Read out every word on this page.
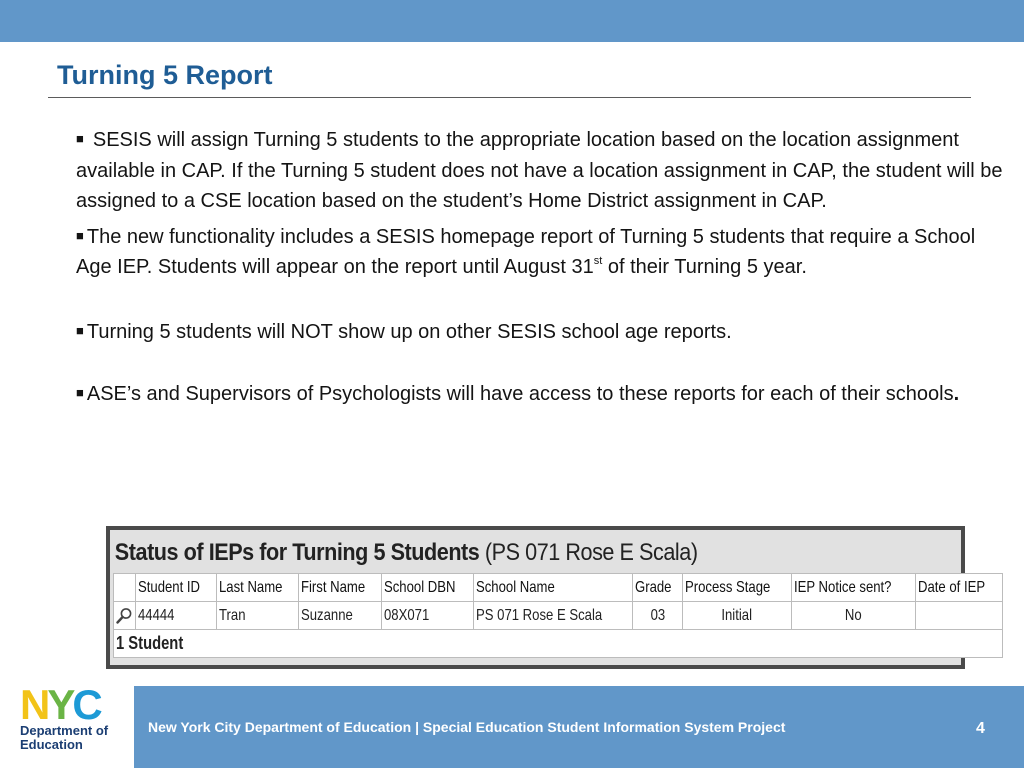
Turning 5 Report

■ SESIS will assign Turning 5 students to the appropriate location based on the location assignment available in CAP. If the Turning 5 student does not have a location assignment in CAP, the student will be assigned to a CSE location based on the student’s Home District assignment in CAP.

■ The new functionality includes a SESIS homepage report of Turning 5 students that require a School Age IEP. Students will appear on the report until August 31st of their Turning 5 year.

■ Turning 5 students will NOT show up on other SESIS school age reports.

■ ASE’s and Supervisors of Psychologists will have access to these reports for each of their schools.

Status of IEPs for Turning 5 Students (PS 071 Rose E Scala)
	Student ID	Last Name	First Name	School DBN	School Name	Grade	Process Stage	IEP Notice sent?	Date of IEP

	44444	Tran	Suzanne	08X071	PS 071 Rose E Scala	03	Initial	No	
1 Student									
NYC
Department of
Education
New York City Department of Education | Special Education Student Information System Project	4
